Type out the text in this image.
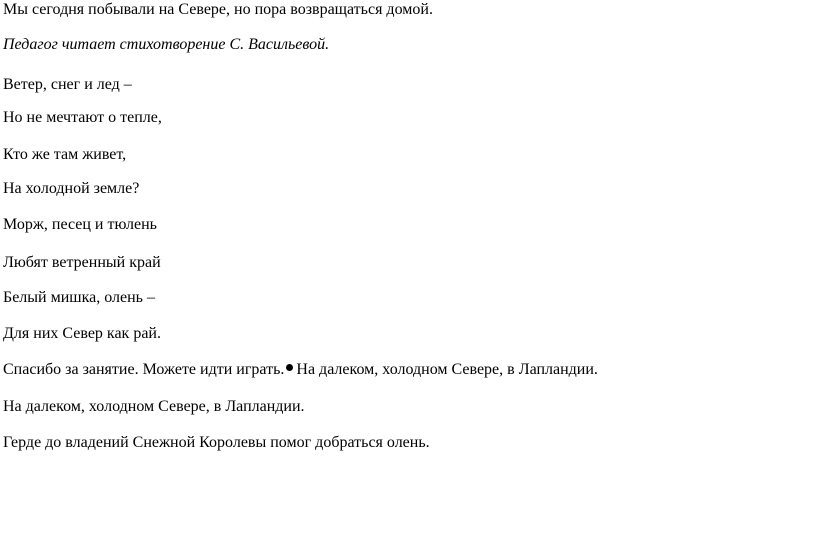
Мы сегодня побывали на Севере, но пора возвращаться домой.
Педагог читает стихотворение С. Васильевой.
Ветер, снег и лед –
Но не мечтают о тепле,
Кто же там живет,
На холодной земле?
Морж, песец и тюлень
Любят ветренный край
Белый мишка, олень –
Для них Север как рай.
Спасибо за занятие. Можете идти играть. На далеком, холодном Севере, в Лапландии.
На далеком, холодном Севере, в Лапландии.
Герде до владений Снежной Королевы помог добраться олень.
